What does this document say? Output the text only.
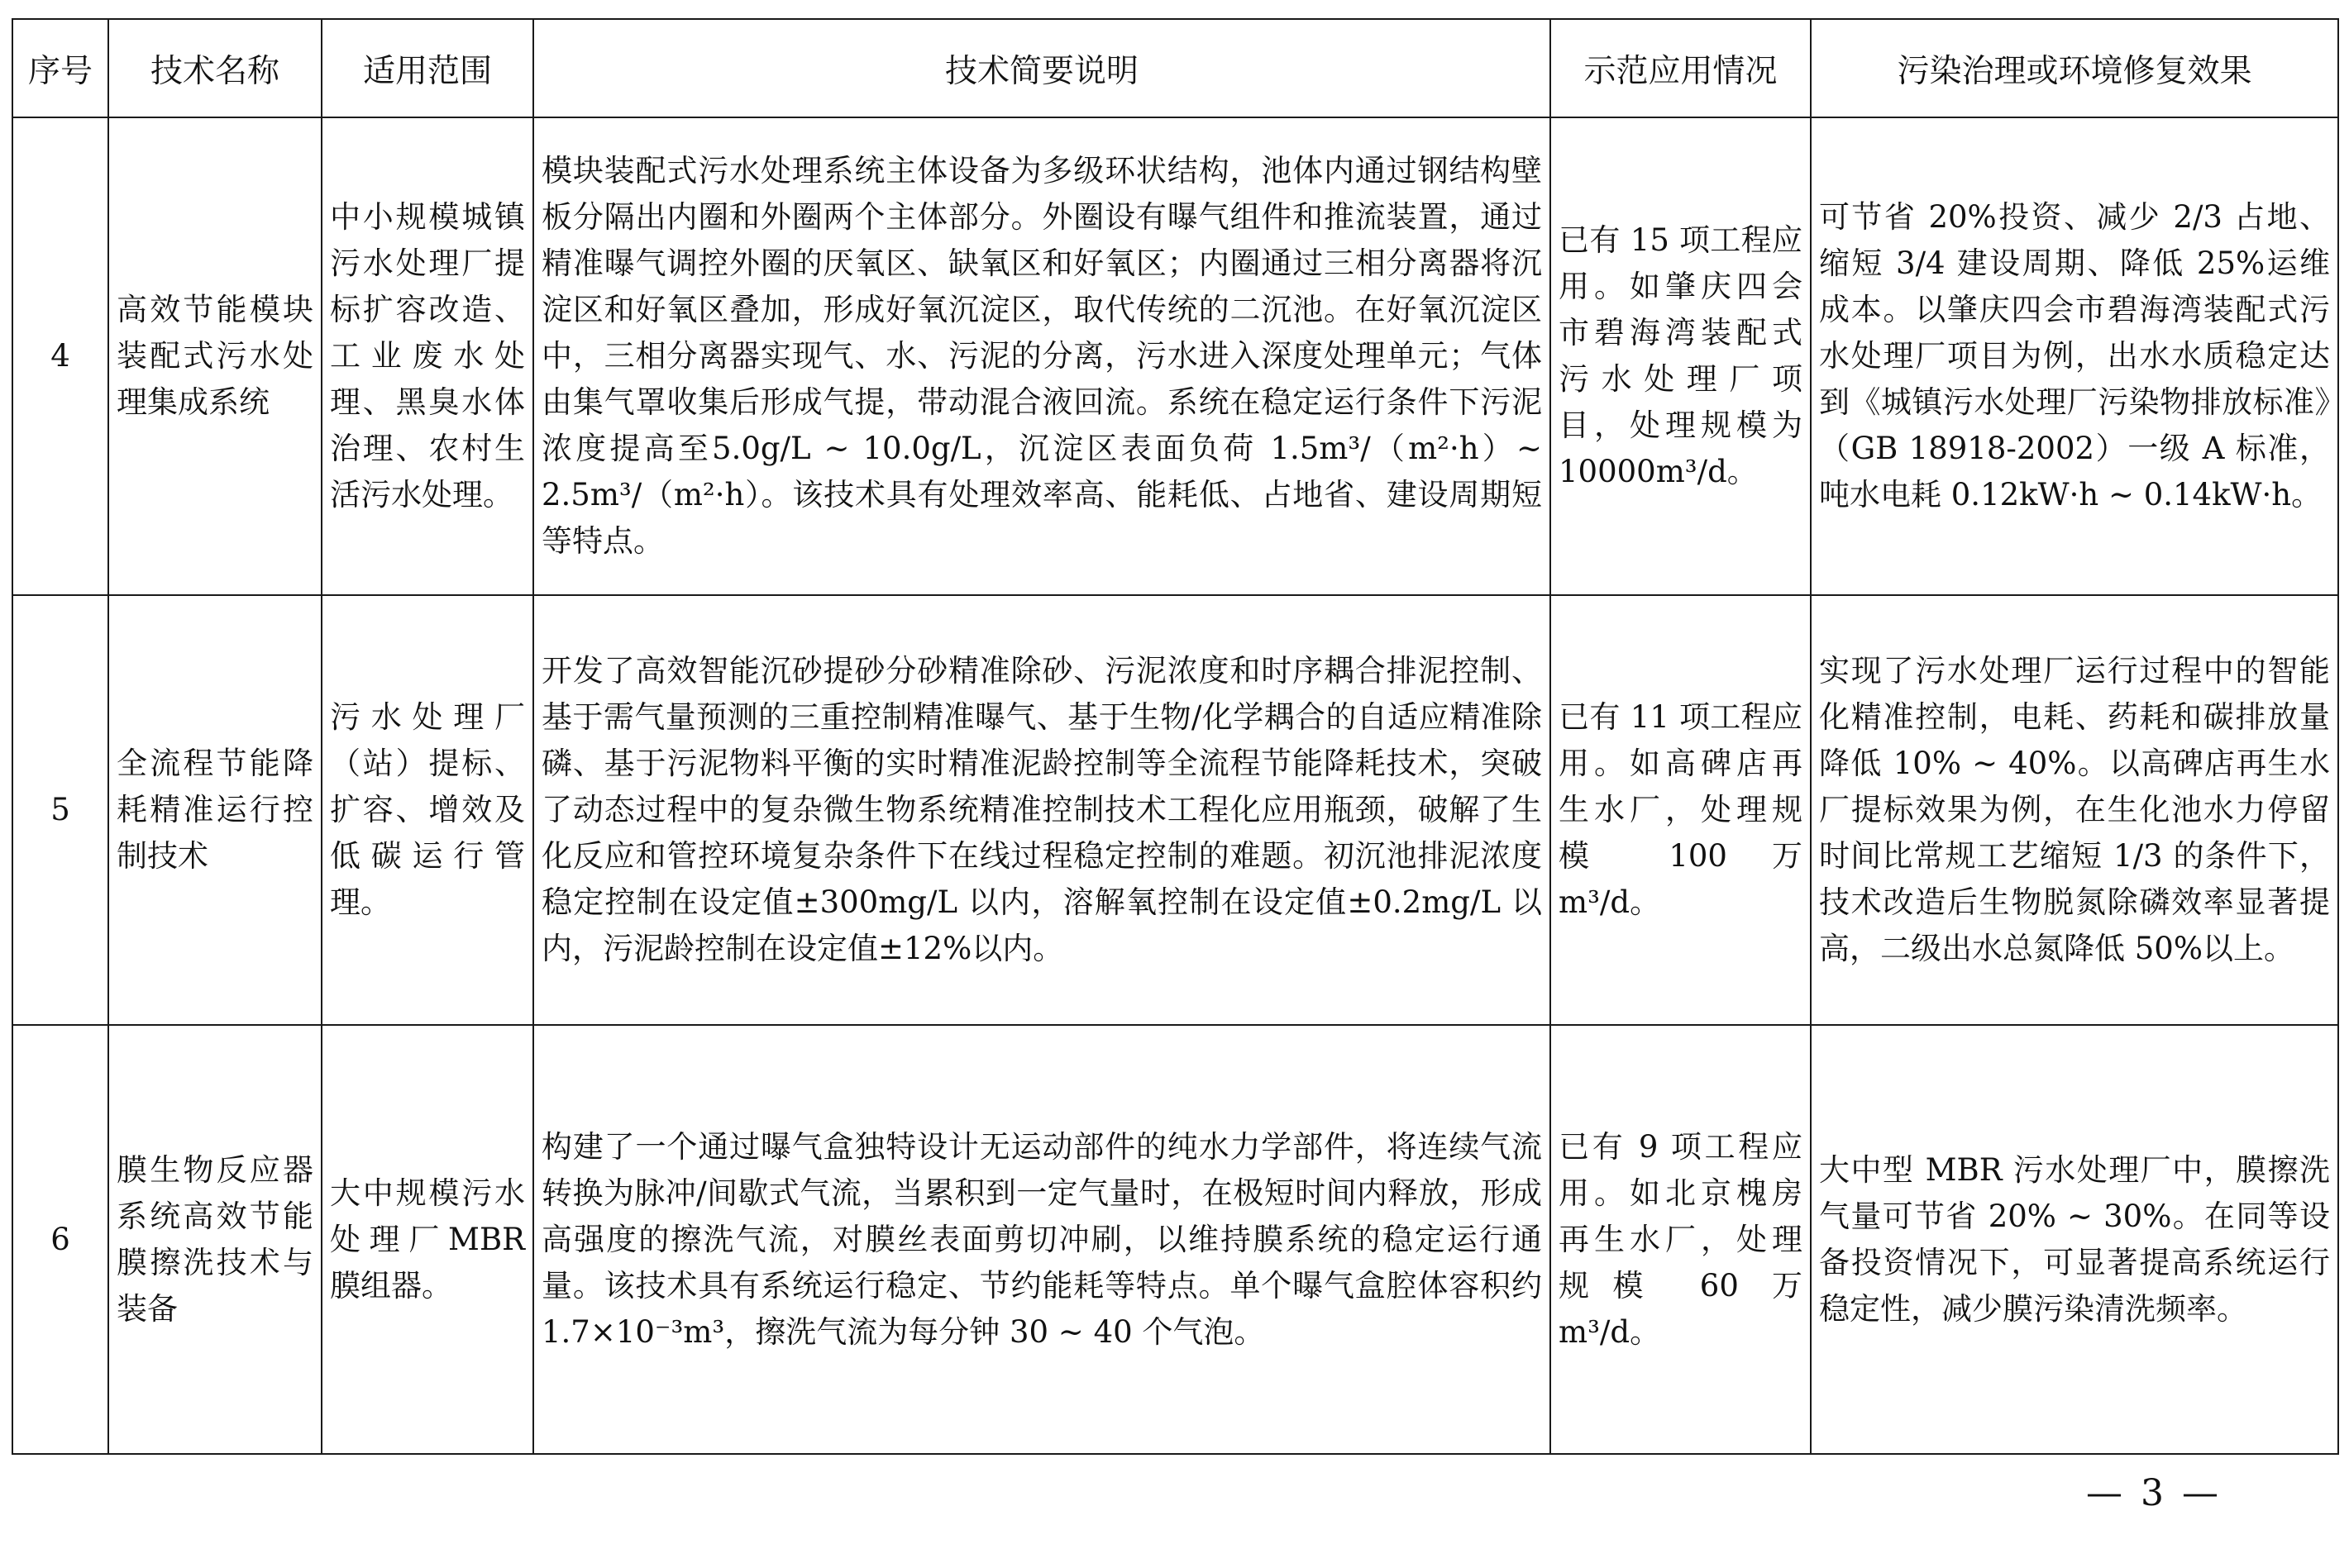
序号	技术名称	适用范围	技术简要说明	示范应用情况	污染治理或环境修复效果
4	高效节能模块装配式污水处理集成系统	中小规模城镇污水处理厂提标扩容改造、工业废水处理、黑臭水体治理、农村生活污水处理。	模块装配式污水处理系统主体设备为多级环状结构，池体内通过钢结构壁板分隔出内圈和外圈两个主体部分。外圈设有曝气组件和推流装置，通过精准曝气调控外圈的厌氧区、缺氧区和好氧区；内圈通过三相分离器将沉淀区和好氧区叠加，形成好氧沉淀区，取代传统的二沉池。在好氧沉淀区中，三相分离器实现气、水、污泥的分离，污水进入深度处理单元；气体由集气罩收集后形成气提，带动混合液回流。系统在稳定运行条件下污泥浓度提高至5.0g/L ~ 10.0g/L，沉淀区表面负荷 1.5m³/（m²·h）~ 2.5m³/（m²·h）。该技术具有处理效率高、能耗低、占地省、建设周期短等特点。	已有 15 项工程应用。如肇庆四会市碧海湾装配式污水处理厂项目，处理规模为 10000m³/d。	可节省 20%投资、减少 2/3 占地、缩短 3/4 建设周期、降低 25%运维成本。以肇庆四会市碧海湾装配式污水处理厂项目为例，出水水质稳定达到《城镇污水处理厂污染物排放标准》（GB 18918-2002）一级 A 标准，吨水电耗 0.12kW·h ~ 0.14kW·h。
5	全流程节能降耗精准运行控制技术	污水处理厂（站）提标、扩容、增效及低碳运行管理。	开发了高效智能沉砂提砂分砂精准除砂、污泥浓度和时序耦合排泥控制、基于需气量预测的三重控制精准曝气、基于生物/化学耦合的自适应精准除磷、基于污泥物料平衡的实时精准泥龄控制等全流程节能降耗技术，突破了动态过程中的复杂微生物系统精准控制技术工程化应用瓶颈，破解了生化反应和管控环境复杂条件下在线过程稳定控制的难题。初沉池排泥浓度稳定控制在设定值±300mg/L 以内，溶解氧控制在设定值±0.2mg/L 以内，污泥龄控制在设定值±12%以内。	已有 11 项工程应用。如高碑店再生水厂，处理规模 100 万 m³/d。	实现了污水处理厂运行过程中的智能化精准控制，电耗、药耗和碳排放量降低 10% ~ 40%。以高碑店再生水厂提标效果为例，在生化池水力停留时间比常规工艺缩短 1/3 的条件下，技术改造后生物脱氮除磷效率显著提高，二级出水总氮降低 50%以上。
6	膜生物反应器系统高效节能膜擦洗技术与装备	大中规模污水处理厂MBR 膜组器。	构建了一个通过曝气盒独特设计无运动部件的纯水力学部件，将连续气流转换为脉冲/间歇式气流，当累积到一定气量时，在极短时间内释放，形成高强度的擦洗气流，对膜丝表面剪切冲刷，以维持膜系统的稳定运行通量。该技术具有系统运行稳定、节约能耗等特点。单个曝气盒腔体容积约 1.7×10⁻³m³，擦洗气流为每分钟 30 ~ 40 个气泡。	已有 9 项工程应用。如北京槐房再生水厂，处理规模 60 万 m³/d。	大中型 MBR 污水处理厂中，膜擦洗气量可节省 20% ~ 30%。在同等设备投资情况下，可显著提高系统运行稳定性，减少膜污染清洗频率。
— 3 —
